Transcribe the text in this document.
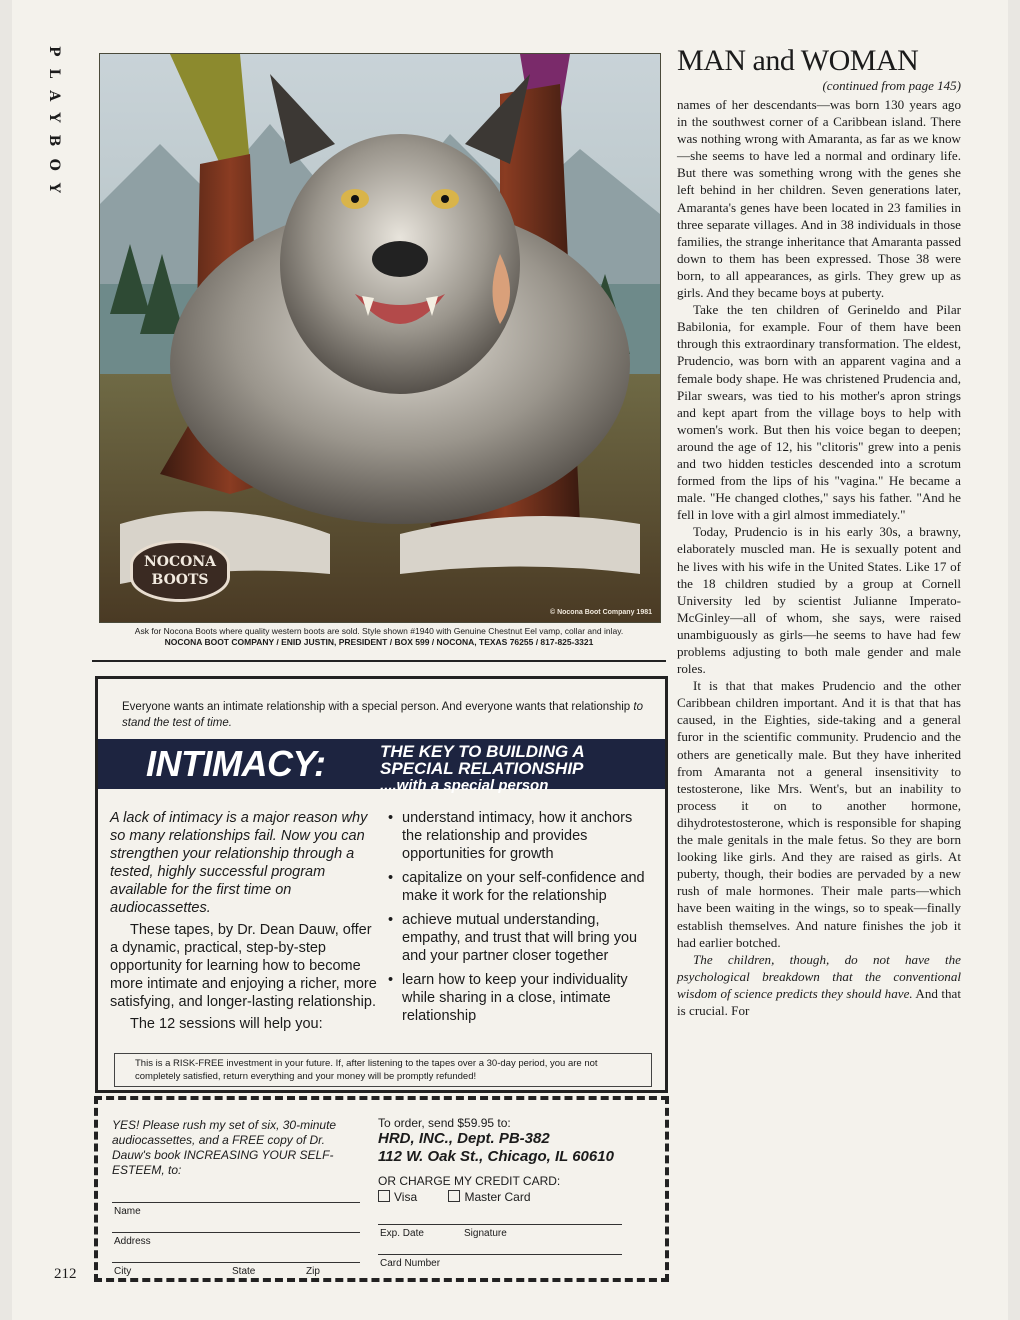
PLAYBOY
NOCONA
BOOTS
© Nocona Boot Company 1981
Ask for Nocona Boots where quality western boots are sold. Style shown #1940 with Genuine Chestnut Eel vamp, collar and inlay.
NOCONA BOOT COMPANY / ENID JUSTIN, PRESIDENT / BOX 599 / NOCONA, TEXAS 76255 / 817-825-3321
Everyone wants an intimate relationship with a special person. And everyone wants that relationship to stand the test of time.
INTIMACY:	THE KEY TO BUILDING A
SPECIAL RELATIONSHIP
....with a special person

A lack of intimacy is a major reason why so many relationships fail. Now you can strengthen your relationship through a tested, highly successful program available for the first time on audiocassettes.

These tapes, by Dr. Dean Dauw, offer a dynamic, practical, step-by-step opportunity for learning how to become more intimate and enjoying a richer, more satisfying, and longer-lasting relationship.

The 12 sessions will help you:

• understand intimacy, how it anchors the relationship and provides opportunities for growth
• capitalize on your self-confidence and make it work for the relationship
• achieve mutual understanding, empathy, and trust that will bring you and your partner closer together
• learn how to keep your individuality while sharing in a close, intimate relationship
This is a RISK-FREE investment in your future. If, after listening to the tapes over a 30-day period, you are not completely satisfied, return everything and your money will be promptly refunded!
YES! Please rush my set of six, 30-minute audiocassettes, and a FREE copy of Dr. Dauw's book INCREASING YOUR SELF-ESTEEM, to:
Name
Address
City	State	Zip
To order, send $59.95 to:
HRD, INC., Dept. PB-382
112 W. Oak St., Chicago, IL 60610
OR CHARGE MY CREDIT CARD:
Visa	Master Card
Exp. Date	Signature
Card Number
212
MAN and WOMAN
(continued from page 145)

names of her descendants—was born 130 years ago in the southwest corner of a Caribbean island. There was nothing wrong with Amaranta, as far as we know—she seems to have led a normal and ordinary life. But there was something wrong with the genes she left behind in her children. Seven generations later, Amaranta's genes have been located in 23 families in three separate villages. And in 38 individuals in those families, the strange inheritance that Amaranta passed down to them has been expressed. Those 38 were born, to all appearances, as girls. They grew up as girls. And they became boys at puberty.

Take the ten children of Gerineldo and Pilar Babilonia, for example. Four of them have been through this extraordinary transformation. The eldest, Prudencio, was born with an apparent vagina and a female body shape. He was christened Prudencia and, Pilar swears, was tied to his mother's apron strings and kept apart from the village boys to help with women's work. But then his voice began to deepen; around the age of 12, his "clitoris" grew into a penis and two hidden testicles descended into a scrotum formed from the lips of his "vagina." He became a male. "He changed clothes," says his father. "And he fell in love with a girl almost immediately."

Today, Prudencio is in his early 30s, a brawny, elaborately muscled man. He is sexually potent and he lives with his wife in the United States. Like 17 of the 18 children studied by a group at Cornell University led by scientist Julianne Imperato-McGinley—all of whom, she says, were raised unambiguously as girls—he seems to have had few problems adjusting to both male gender and male roles.

It is that that makes Prudencio and the other Caribbean children important. And it is that that has caused, in the Eighties, side-taking and a general furor in the scientific community. Prudencio and the others are genetically male. But they have inherited from Amaranta not a general insensitivity to testosterone, like Mrs. Went's, but an inability to process it on to another hormone, dihydrotestosterone, which is responsible for shaping the male genitals in the male fetus. So they are born looking like girls. And they are raised as girls. At puberty, though, their bodies are pervaded by a new rush of male hormones. Their male parts—which have been waiting in the wings, so to speak—finally establish themselves. And nature finishes the job it had earlier botched.

The children, though, do not have the psychological breakdown that the conventional wisdom of science predicts they should have. And that is crucial. For
